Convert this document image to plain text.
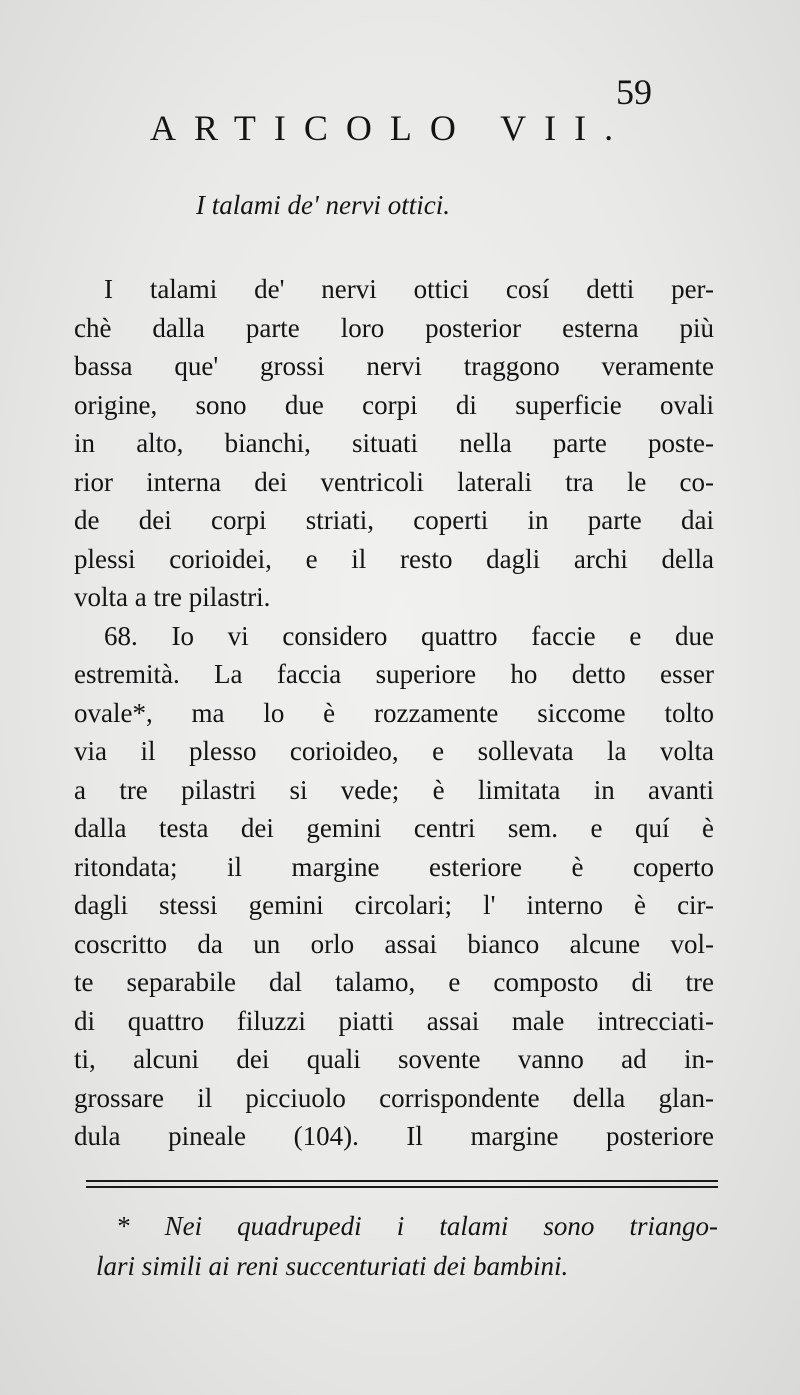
59
ARTICOLO VII.
I talami de' nervi ottici.
I talami de' nervi ottici cosí detti per-
chè dalla parte loro posterior esterna più
bassa que' grossi nervi traggono veramente
origine, sono due corpi di superficie ovali
in alto, bianchi, situati nella parte poste-
rior interna dei ventricoli laterali tra le co-
de dei corpi striati, coperti in parte dai
plessi corioidei, e il resto dagli archi della
volta a tre pilastri.
68. Io vi considero quattro faccie e due
estremità. La faccia superiore ho detto esser
ovale*, ma lo è rozzamente siccome tolto
via il plesso corioideo, e sollevata la volta
a tre pilastri si vede; è limitata in avanti
dalla testa dei gemini centri sem. e quí è
ritondata; il margine esteriore è coperto
dagli stessi gemini circolari; l' interno è cir-
coscritto da un orlo assai bianco alcune vol-
te separabile dal talamo, e composto di tre
di quattro filuzzi piatti assai male intrecciati-
ti, alcuni dei quali sovente vanno ad in-
grossare il picciuolo corrispondente della glan-
dula pineale (104). Il margine posteriore
* Nei quadrupedi i talami sono triango-
lari simili ai reni succenturiati dei bambini.
